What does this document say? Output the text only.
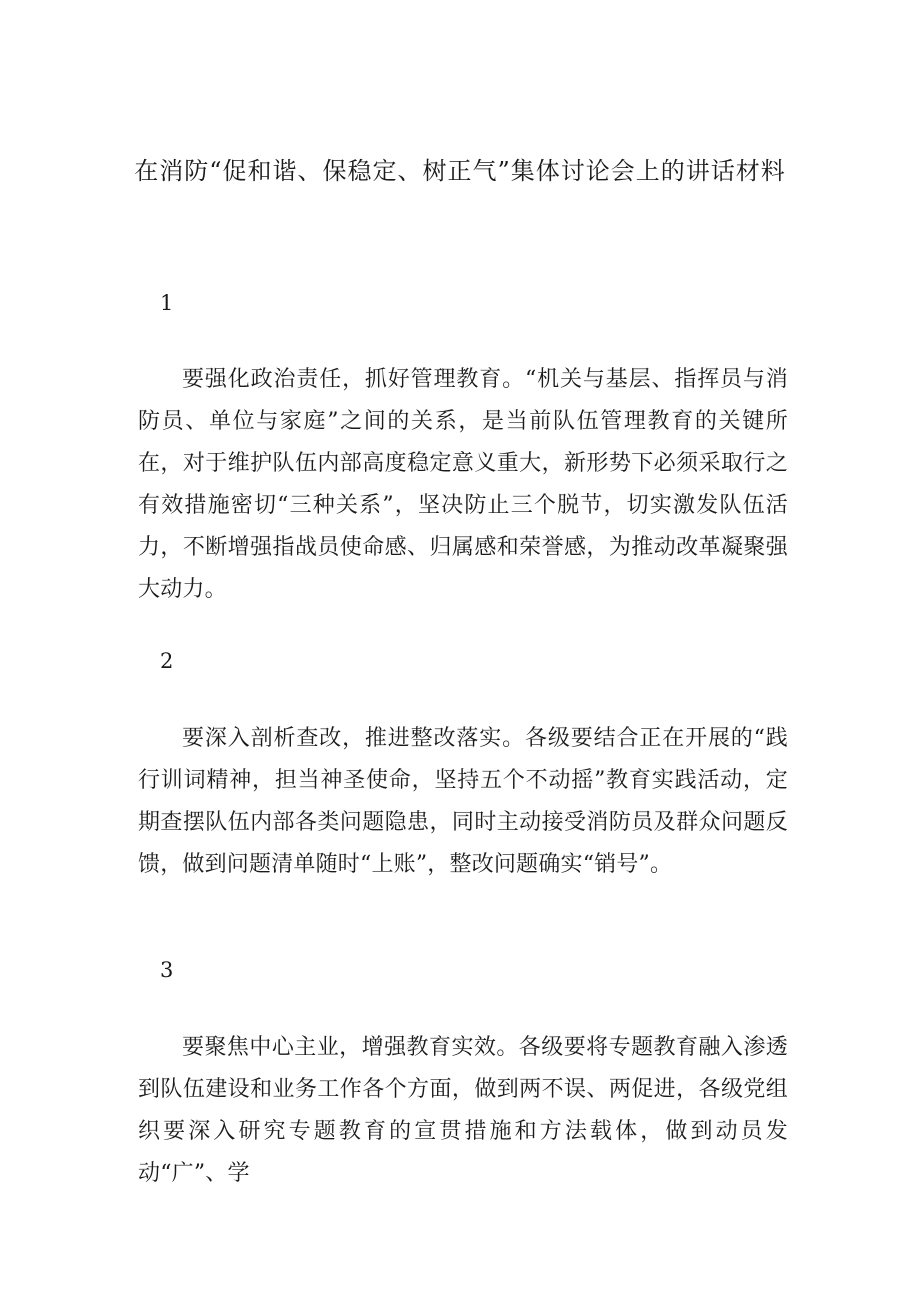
在消防“促和谐、保稳定、树正气”集体讨论会上的讲话材料
1
要强化政治责任，抓好管理教育。“机关与基层、指挥员与消防员、单位与家庭”之间的关系，是当前队伍管理教育的关键所在，对于维护队伍内部高度稳定意义重大，新形势下必须采取行之有效措施密切“三种关系”，坚决防止三个脱节，切实激发队伍活力，不断增强指战员使命感、归属感和荣誉感，为推动改革凝聚强大动力。
2
要深入剖析查改，推进整改落实。各级要结合正在开展的“践行训词精神，担当神圣使命，坚持五个不动摇”教育实践活动，定期查摆队伍内部各类问题隐患，同时主动接受消防员及群众问题反馈，做到问题清单随时“上账”，整改问题确实“销号”。
3
要聚焦中心主业，增强教育实效。各级要将专题教育融入渗透到队伍建设和业务工作各个方面，做到两不误、两促进，各级党组织要深入研究专题教育的宣贯措施和方法载体，做到动员发动“广”、学
